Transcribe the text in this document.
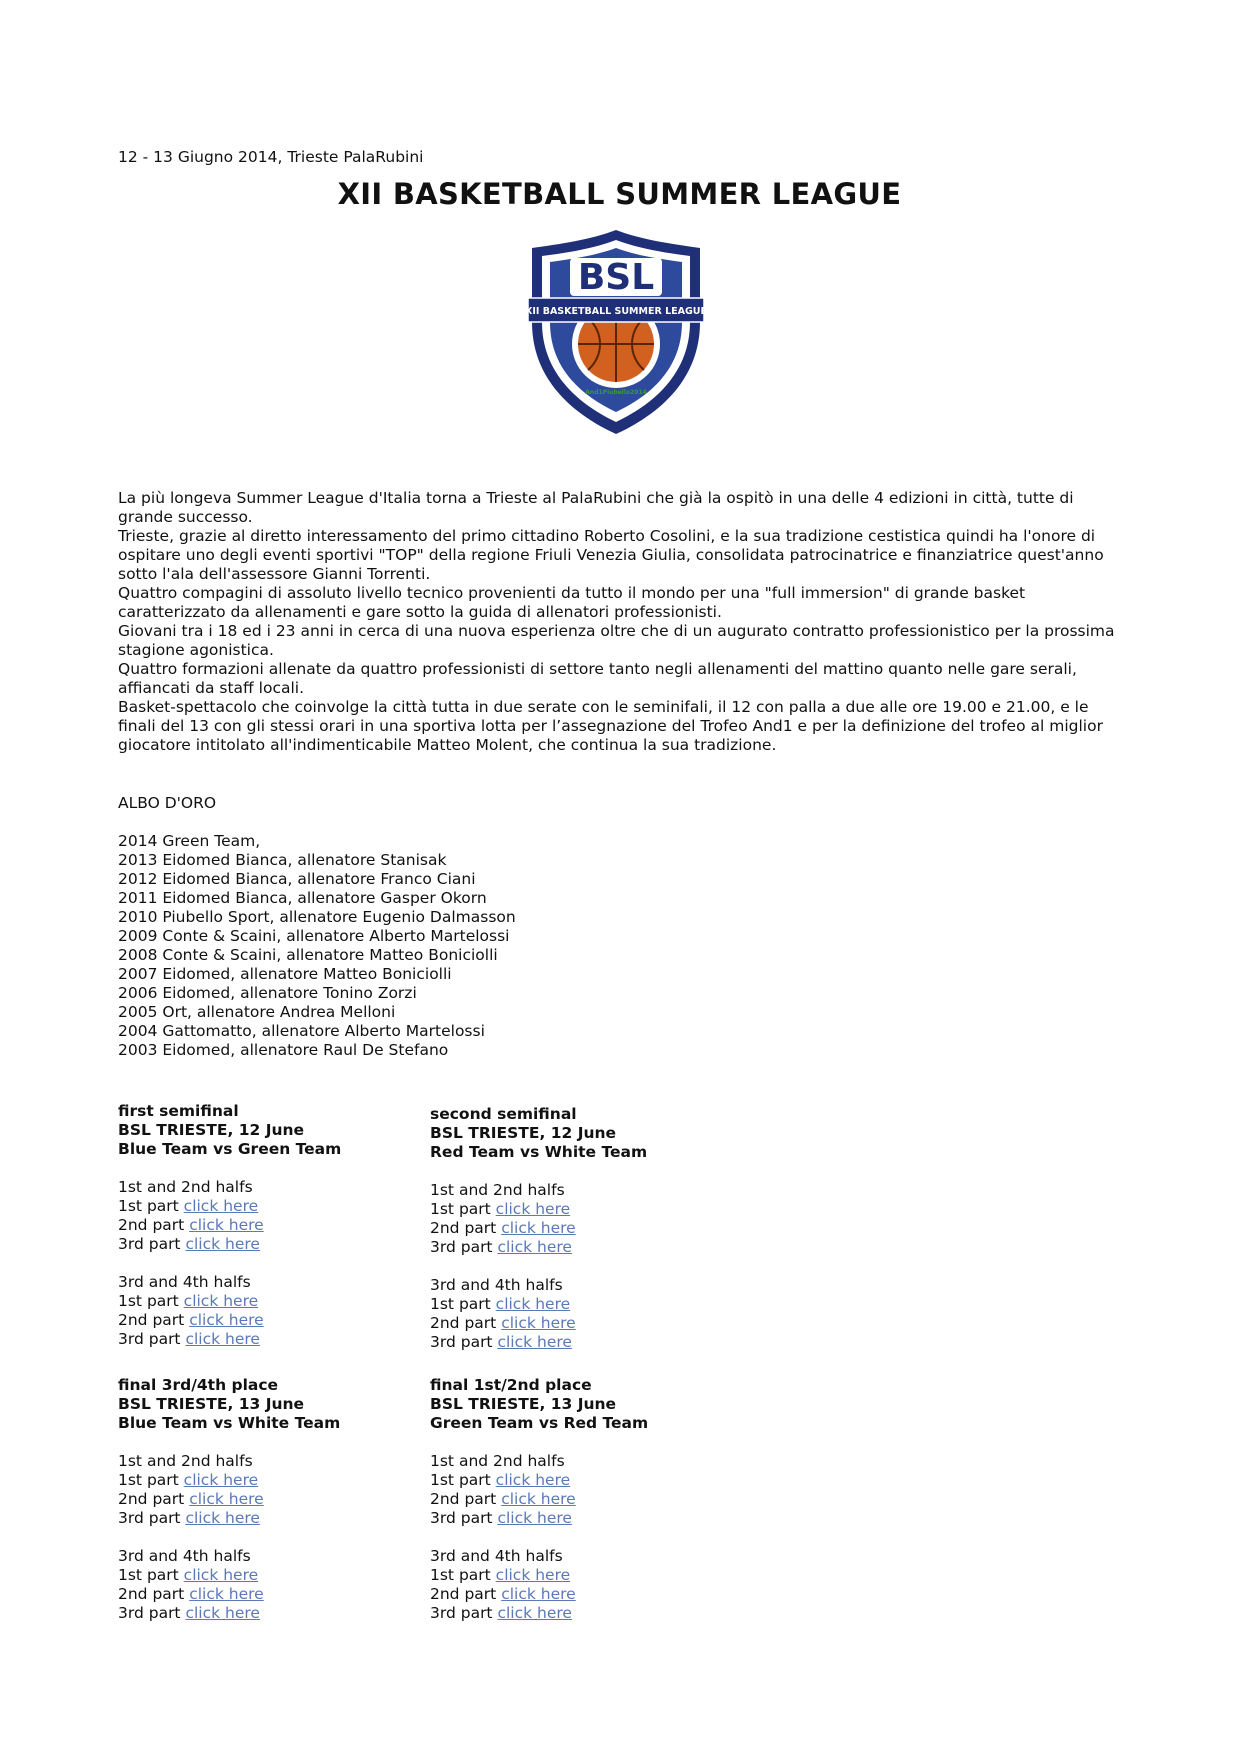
12 - 13 Giugno 2014, Trieste PalaRubini
XII BASKETBALL SUMMER LEAGUE
BSL
XII BASKETBALL SUMMER LEAGUE
And1Piubello2014

La più longeva Summer League d'Italia torna a Trieste al PalaRubini che già la ospitò in una delle 4 edizioni in città, tutte di grande successo.

Trieste, grazie al diretto interessamento del primo cittadino Roberto Cosolini, e la sua tradizione cestistica quindi ha l'onore di ospitare uno degli eventi sportivi "TOP" della regione Friuli Venezia Giulia, consolidata patrocinatrice e finanziatrice quest'anno sotto l'ala dell'assessore Gianni Torrenti.

Quattro compagini di assoluto livello tecnico provenienti da tutto il mondo per una "full immersion" di grande basket caratterizzato da allenamenti e gare sotto la guida di allenatori professionisti.

Giovani tra i 18 ed i 23 anni in cerca di una nuova esperienza oltre che di un augurato contratto professionistico per la prossima stagione agonistica.

Quattro formazioni allenate da quattro professionisti di settore tanto negli allenamenti del mattino quanto nelle gare serali, affiancati da staff locali.

Basket-spettacolo che coinvolge la città tutta in due serate con le seminifali, il 12 con palla a due alle ore 19.00 e 21.00, e le finali del 13 con gli stessi orari in una sportiva lotta per l’assegnazione del Trofeo And1 e per la definizione del trofeo al miglior giocatore intitolato all'indimenticabile Matteo Molent, che continua la sua tradizione.

ALBO D'ORO
2014 Green Team,
2013 Eidomed Bianca, allenatore Stanisak
2012 Eidomed Bianca, allenatore Franco Ciani
2011 Eidomed Bianca, allenatore Gasper Okorn
2010 Piubello Sport, allenatore Eugenio Dalmasson
2009 Conte & Scaini, allenatore Alberto Martelossi
2008 Conte & Scaini, allenatore Matteo Boniciolli
2007 Eidomed, allenatore Matteo Boniciolli
2006 Eidomed, allenatore Tonino Zorzi
2005 Ort, allenatore Andrea Melloni
2004 Gattomatto, allenatore Alberto Martelossi
2003 Eidomed, allenatore Raul De Stefano
first semifinal
BSL TRIESTE, 12 June
Blue Team vs Green Team
1st and 2nd halfs
1st part click here
2nd part click here
3rd part click here
3rd and 4th halfs
1st part click here
2nd part click here
3rd part click here
second semifinal
BSL TRIESTE, 12 June
Red Team vs White Team
1st and 2nd halfs
1st part click here
2nd part click here
3rd part click here
3rd and 4th halfs
1st part click here
2nd part click here
3rd part click here
final 3rd/4th place
BSL TRIESTE, 13 June
Blue Team vs White Team
1st and 2nd halfs
1st part click here
2nd part click here
3rd part click here
3rd and 4th halfs
1st part click here
2nd part click here
3rd part click here
final 1st/2nd place
BSL TRIESTE, 13 June
Green Team vs Red Team
1st and 2nd halfs
1st part click here
2nd part click here
3rd part click here
3rd and 4th halfs
1st part click here
2nd part click here
3rd part click here
